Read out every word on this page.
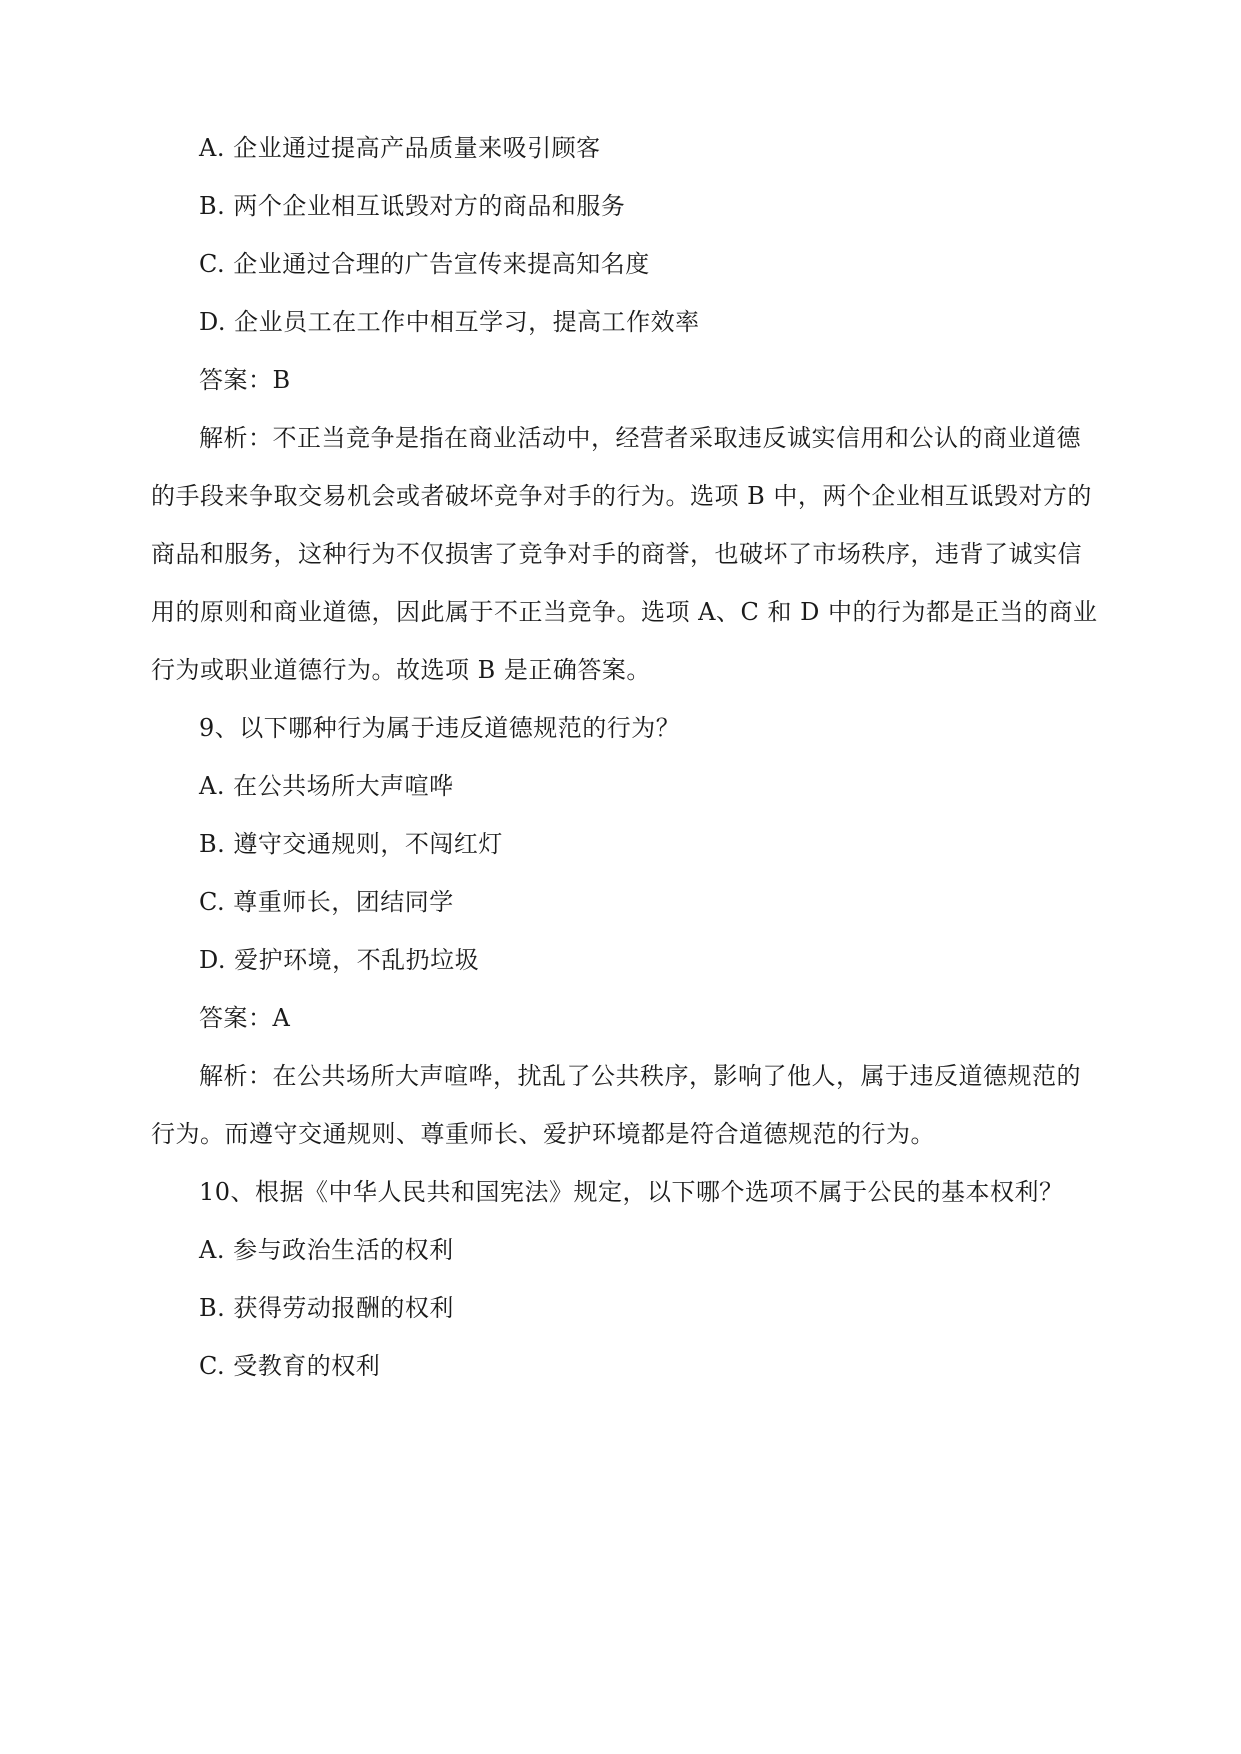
A. 企业通过提高产品质量来吸引顾客
B. 两个企业相互诋毁对方的商品和服务
C. 企业通过合理的广告宣传来提高知名度
D. 企业员工在工作中相互学习，提高工作效率
答案：B
解析：不正当竞争是指在商业活动中，经营者采取违反诚实信用和公认的商业道德
的手段来争取交易机会或者破坏竞争对手的行为。选项 B 中，两个企业相互诋毁对方的
商品和服务，这种行为不仅损害了竞争对手的商誉，也破坏了市场秩序，违背了诚实信
用的原则和商业道德，因此属于不正当竞争。选项 A、C 和 D 中的行为都是正当的商业
行为或职业道德行为。故选项 B 是正确答案。
9、以下哪种行为属于违反道德规范的行为？
A. 在公共场所大声喧哗
B. 遵守交通规则，不闯红灯
C. 尊重师长，团结同学
D. 爱护环境，不乱扔垃圾
答案：A
解析：在公共场所大声喧哗，扰乱了公共秩序，影响了他人，属于违反道德规范的
行为。而遵守交通规则、尊重师长、爱护环境都是符合道德规范的行为。
10、根据《中华人民共和国宪法》规定，以下哪个选项不属于公民的基本权利？
A. 参与政治生活的权利
B. 获得劳动报酬的权利
C. 受教育的权利
